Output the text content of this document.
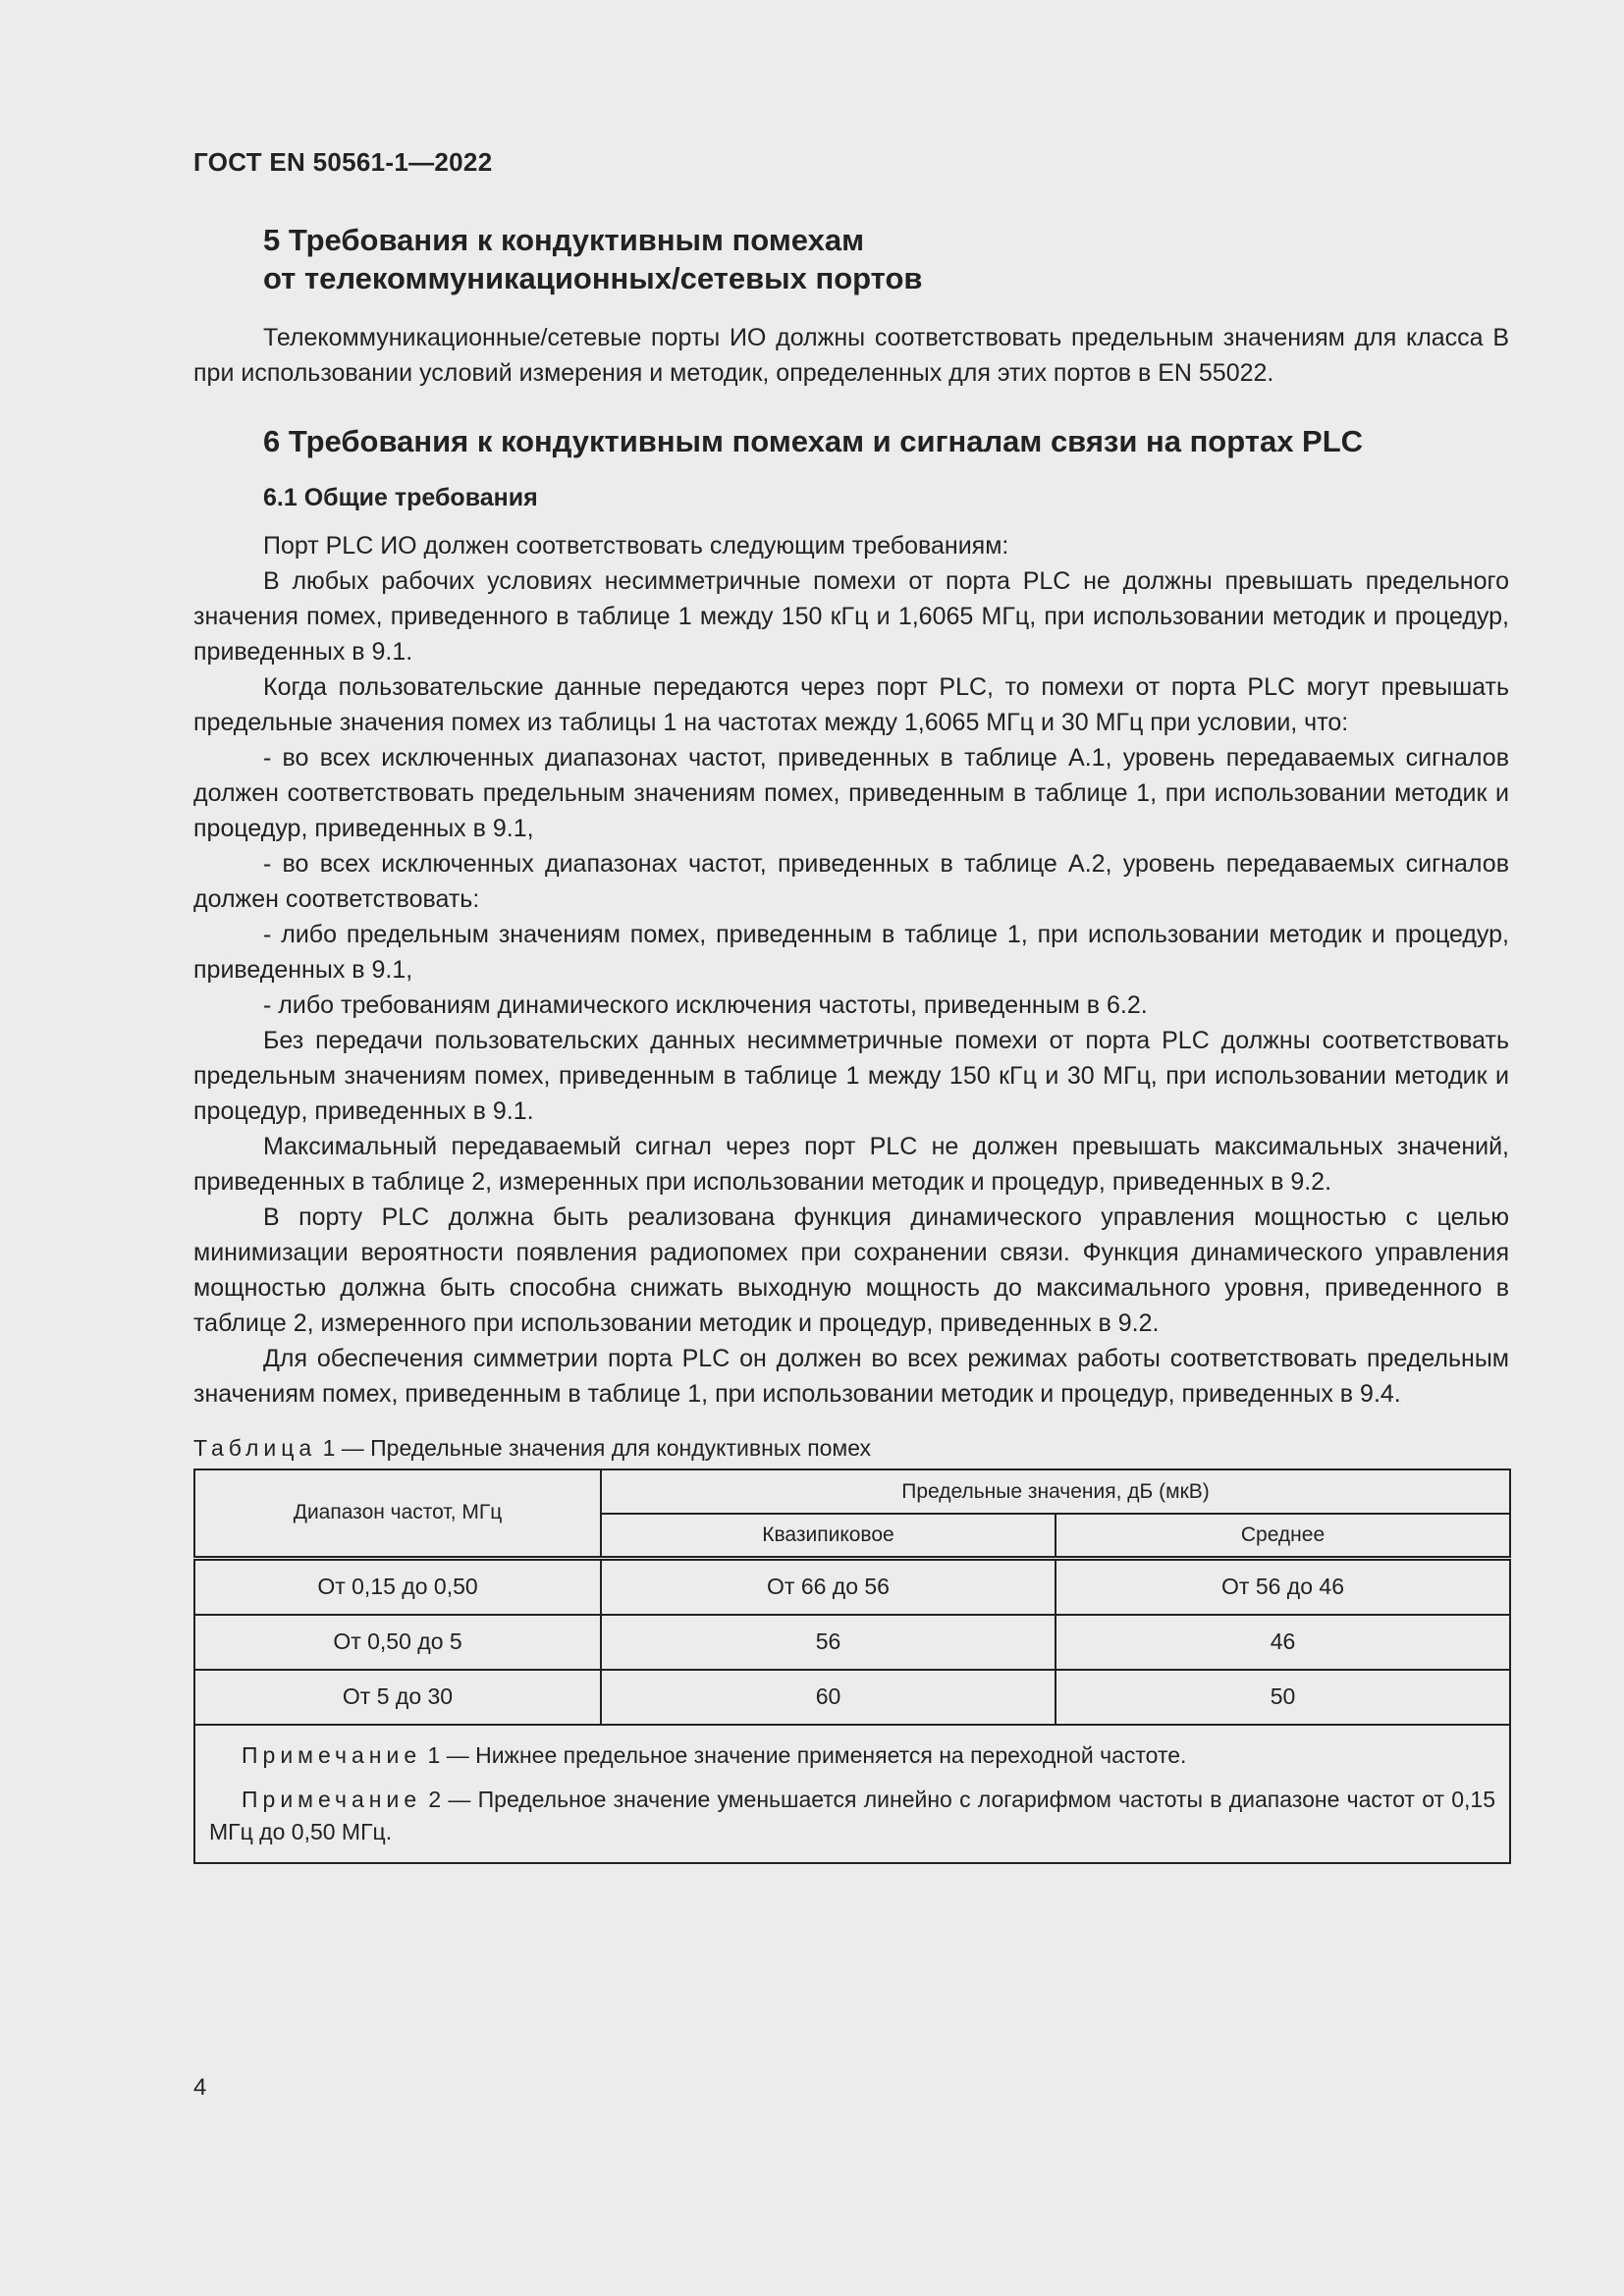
ГОСТ EN 50561-1—2022
5 Требования к кондуктивным помехам
от телекоммуникационных/сетевых портов

Телекоммуникационные/сетевые порты ИО должны соответствовать предельным значениям для класса B при использовании условий измерения и методик, определенных для этих портов в EN 55022.

6 Требования к кондуктивным помехам и сигналам связи на портах PLC
6.1 Общие требования

Порт PLC ИО должен соответствовать следующим требованиям:

В любых рабочих условиях несимметричные помехи от порта PLC не должны превышать предельного значения помех, приведенного в таблице 1 между 150 кГц и 1,6065 МГц, при использовании методик и процедур, приведенных в 9.1.

Когда пользовательские данные передаются через порт PLC, то помехи от порта PLC могут превышать предельные значения помех из таблицы 1 на частотах между 1,6065 МГц и 30 МГц при условии, что:

- во всех исключенных диапазонах частот, приведенных в таблице A.1, уровень передаваемых сигналов должен соответствовать предельным значениям помех, приведенным в таблице 1, при использовании методик и процедур, приведенных в 9.1,

- во всех исключенных диапазонах частот, приведенных в таблице A.2, уровень передаваемых сигналов должен соответствовать:

- либо предельным значениям помех, приведенным в таблице 1, при использовании методик и процедур, приведенных в 9.1,

- либо требованиям динамического исключения частоты, приведенным в 6.2.

Без передачи пользовательских данных несимметричные помехи от порта PLC должны соответствовать предельным значениям помех, приведенным в таблице 1 между 150 кГц и 30 МГц, при использовании методик и процедур, приведенных в 9.1.

Максимальный передаваемый сигнал через порт PLC не должен превышать максимальных значений, приведенных в таблице 2, измеренных при использовании методик и процедур, приведенных в 9.2.

В порту PLC должна быть реализована функция динамического управления мощностью с целью минимизации вероятности появления радиопомех при сохранении связи. Функция динамического управления мощностью должна быть способна снижать выходную мощность до максимального уровня, приведенного в таблице 2, измеренного при использовании методик и процедур, приведенных в 9.2.

Для обеспечения симметрии порта PLC он должен во всех режимах работы соответствовать предельным значениям помех, приведенным в таблице 1, при использовании методик и процедур, приведенных в 9.4.

Таблица 1 — Предельные значения для кондуктивных помех
Диапазон частот, МГц	Предельные значения, дБ (мкВ)	
	Квазипиковое	Среднее
От 0,15 до 0,50	От 66 до 56	От 56 до 46
От 0,50 до 5	56	46
От 5 до 30	60	50

Примечание 1 — Нижнее предельное значение применяется на переходной частоте.

Примечание 2 — Предельное значение уменьшается линейно с логарифмом частоты в диапазоне частот от 0,15 МГц до 0,50 МГц.		

4
